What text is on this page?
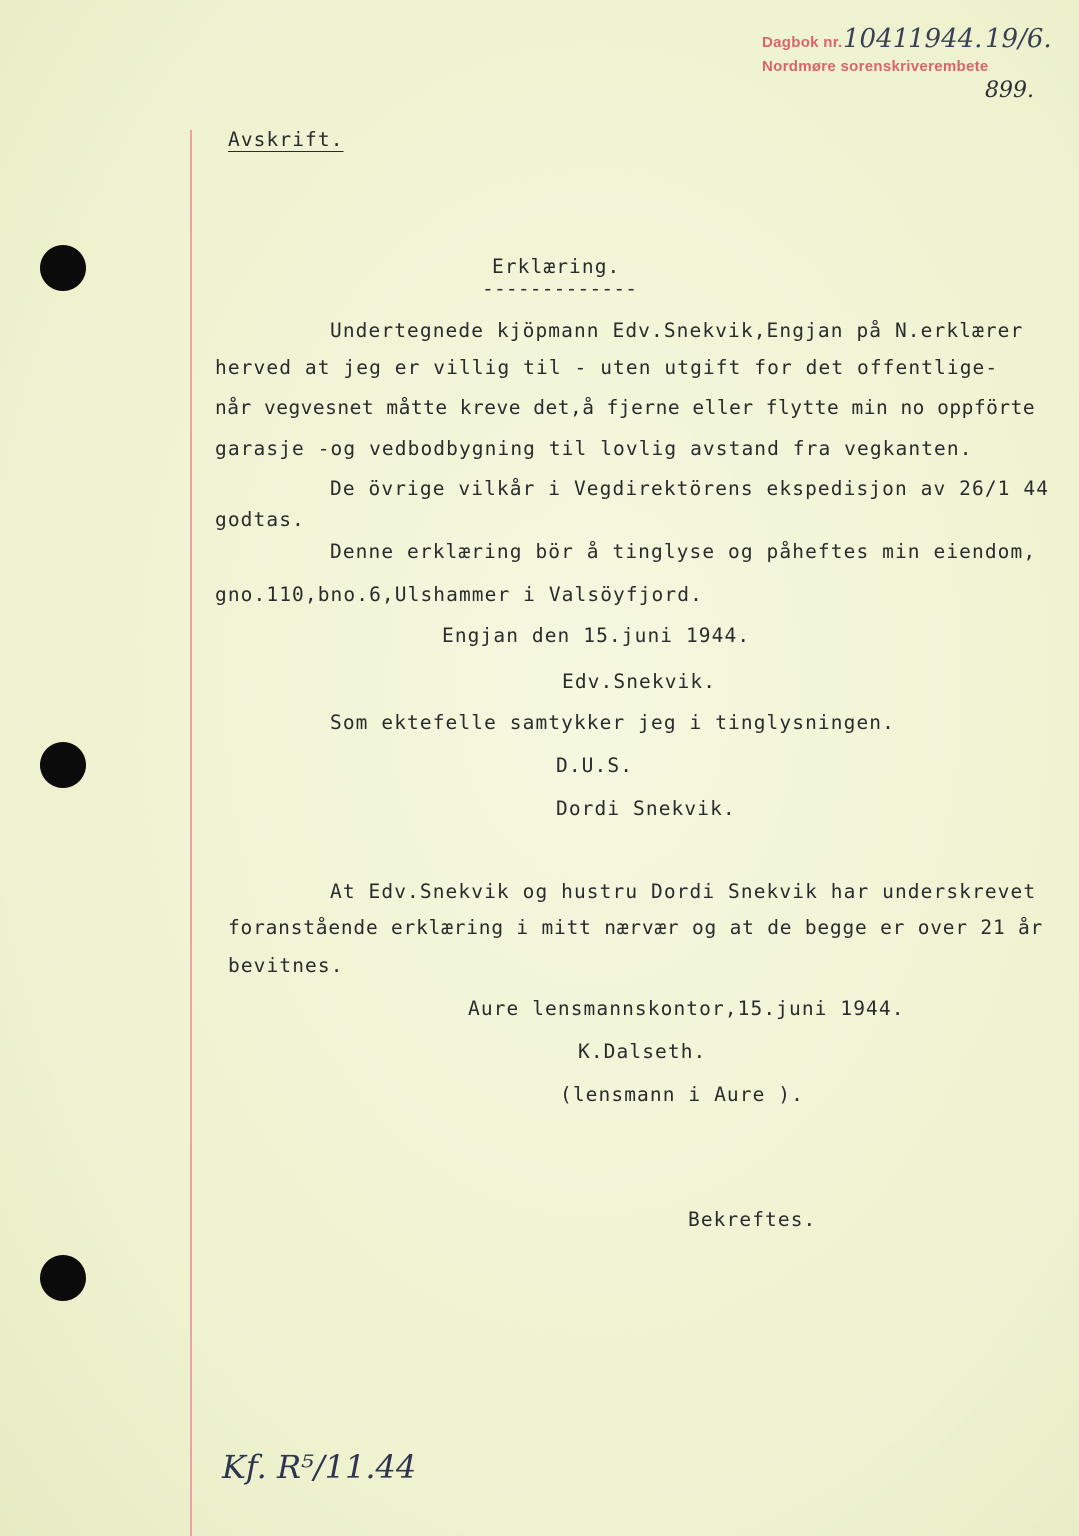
Dagbok nr. 1041
1944. 19/6.
Nordmøre sorenskriverembete
899.
Avskrift.
Erklæring.
-------------
Undertegnede kjöpmann Edv.Snekvik,Engjan på N.erklærer
herved at jeg er villig til - uten utgift for det offentlige-
når vegvesnet måtte kreve det,å fjerne eller flytte min no oppförte
garasje -og vedbodbygning til lovlig avstand fra vegkanten.
De övrige vilkår i Vegdirektörens ekspedisjon av 26/1 44
godtas.
Denne erklæring bör å tinglyse og påheftes min eiendom,
gno.110,bno.6,Ulshammer i Valsöyfjord.
Engjan den 15.juni 1944.
Edv.Snekvik.
Som ektefelle samtykker jeg i tinglysningen.
D.U.S.
Dordi Snekvik.
At Edv.Snekvik og hustru Dordi Snekvik har underskrevet
foranstående erklæring i mitt nærvær og at de begge er over 21 år
bevitnes.
Aure lensmannskontor,15.juni 1944.
K.Dalseth.
(lensmann i Aure ).
Bekreftes.
Kf. R⁵/11.44
